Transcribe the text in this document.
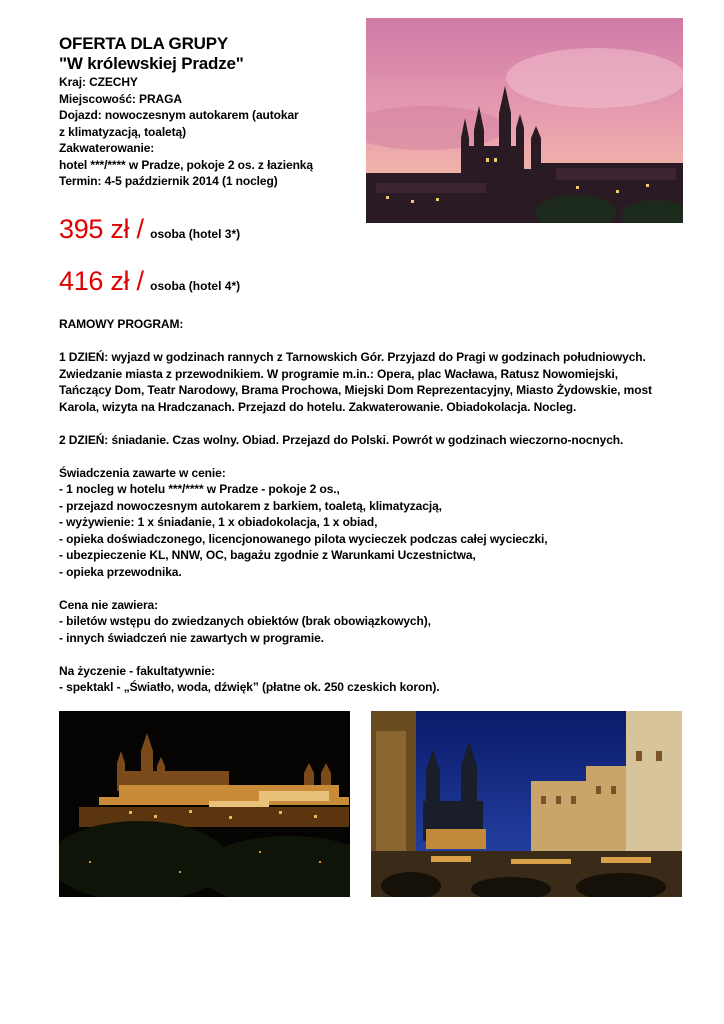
OFERTA DLA GRUPY
"W królewskiej Pradze"
Kraj: CZECHY
Miejscowość: PRAGA
Dojazd: nowoczesnym autokarem (autokar
z klimatyzacją, toaletą)
Zakwaterowanie:
hotel ***/**** w Pradze, pokoje 2 os. z łazienką
Termin: 4-5 październik 2014 (1 nocleg)
395 zł / osoba (hotel 3*)
416 zł / osoba (hotel 4*)

RAMOWY PROGRAM:

1 DZIEŃ: wyjazd w godzinach rannych z Tarnowskich Gór. Przyjazd do Pragi w godzinach południowych.
Zwiedzanie miasta z przewodnikiem. W programie m.in.: Opera, plac Wacława, Ratusz Nowomiejski,
Tańczący Dom, Teatr Narodowy, Brama Prochowa, Miejski Dom Reprezentacyjny, Miasto Żydowskie, most
Karola, wizyta na Hradczanach. Przejazd do hotelu. Zakwaterowanie. Obiadokolacja. Nocleg.

2 DZIEŃ: śniadanie. Czas wolny. Obiad. Przejazd do Polski. Powrót w godzinach wieczorno-nocnych.

Świadczenia zawarte w cenie:
- 1 nocleg w hotelu ***/**** w Pradze - pokoje 2 os.,
- przejazd nowoczesnym autokarem z barkiem, toaletą, klimatyzacją,
- wyżywienie: 1 x śniadanie, 1 x obiadokolacja, 1 x obiad,
- opieka doświadczonego, licencjonowanego pilota wycieczek podczas całej wycieczki,
- ubezpieczenie KL, NNW, OC, bagażu zgodnie z Warunkami Uczestnictwa,
- opieka przewodnika.

Cena nie zawiera:
- biletów wstępu do zwiedzanych obiektów (brak obowiązkowych),
- innych świadczeń nie zawartych w programie.

Na życzenie - fakultatywnie:
- spektakl - „Światło, woda, dźwięk” (płatne ok. 250 czeskich koron).
